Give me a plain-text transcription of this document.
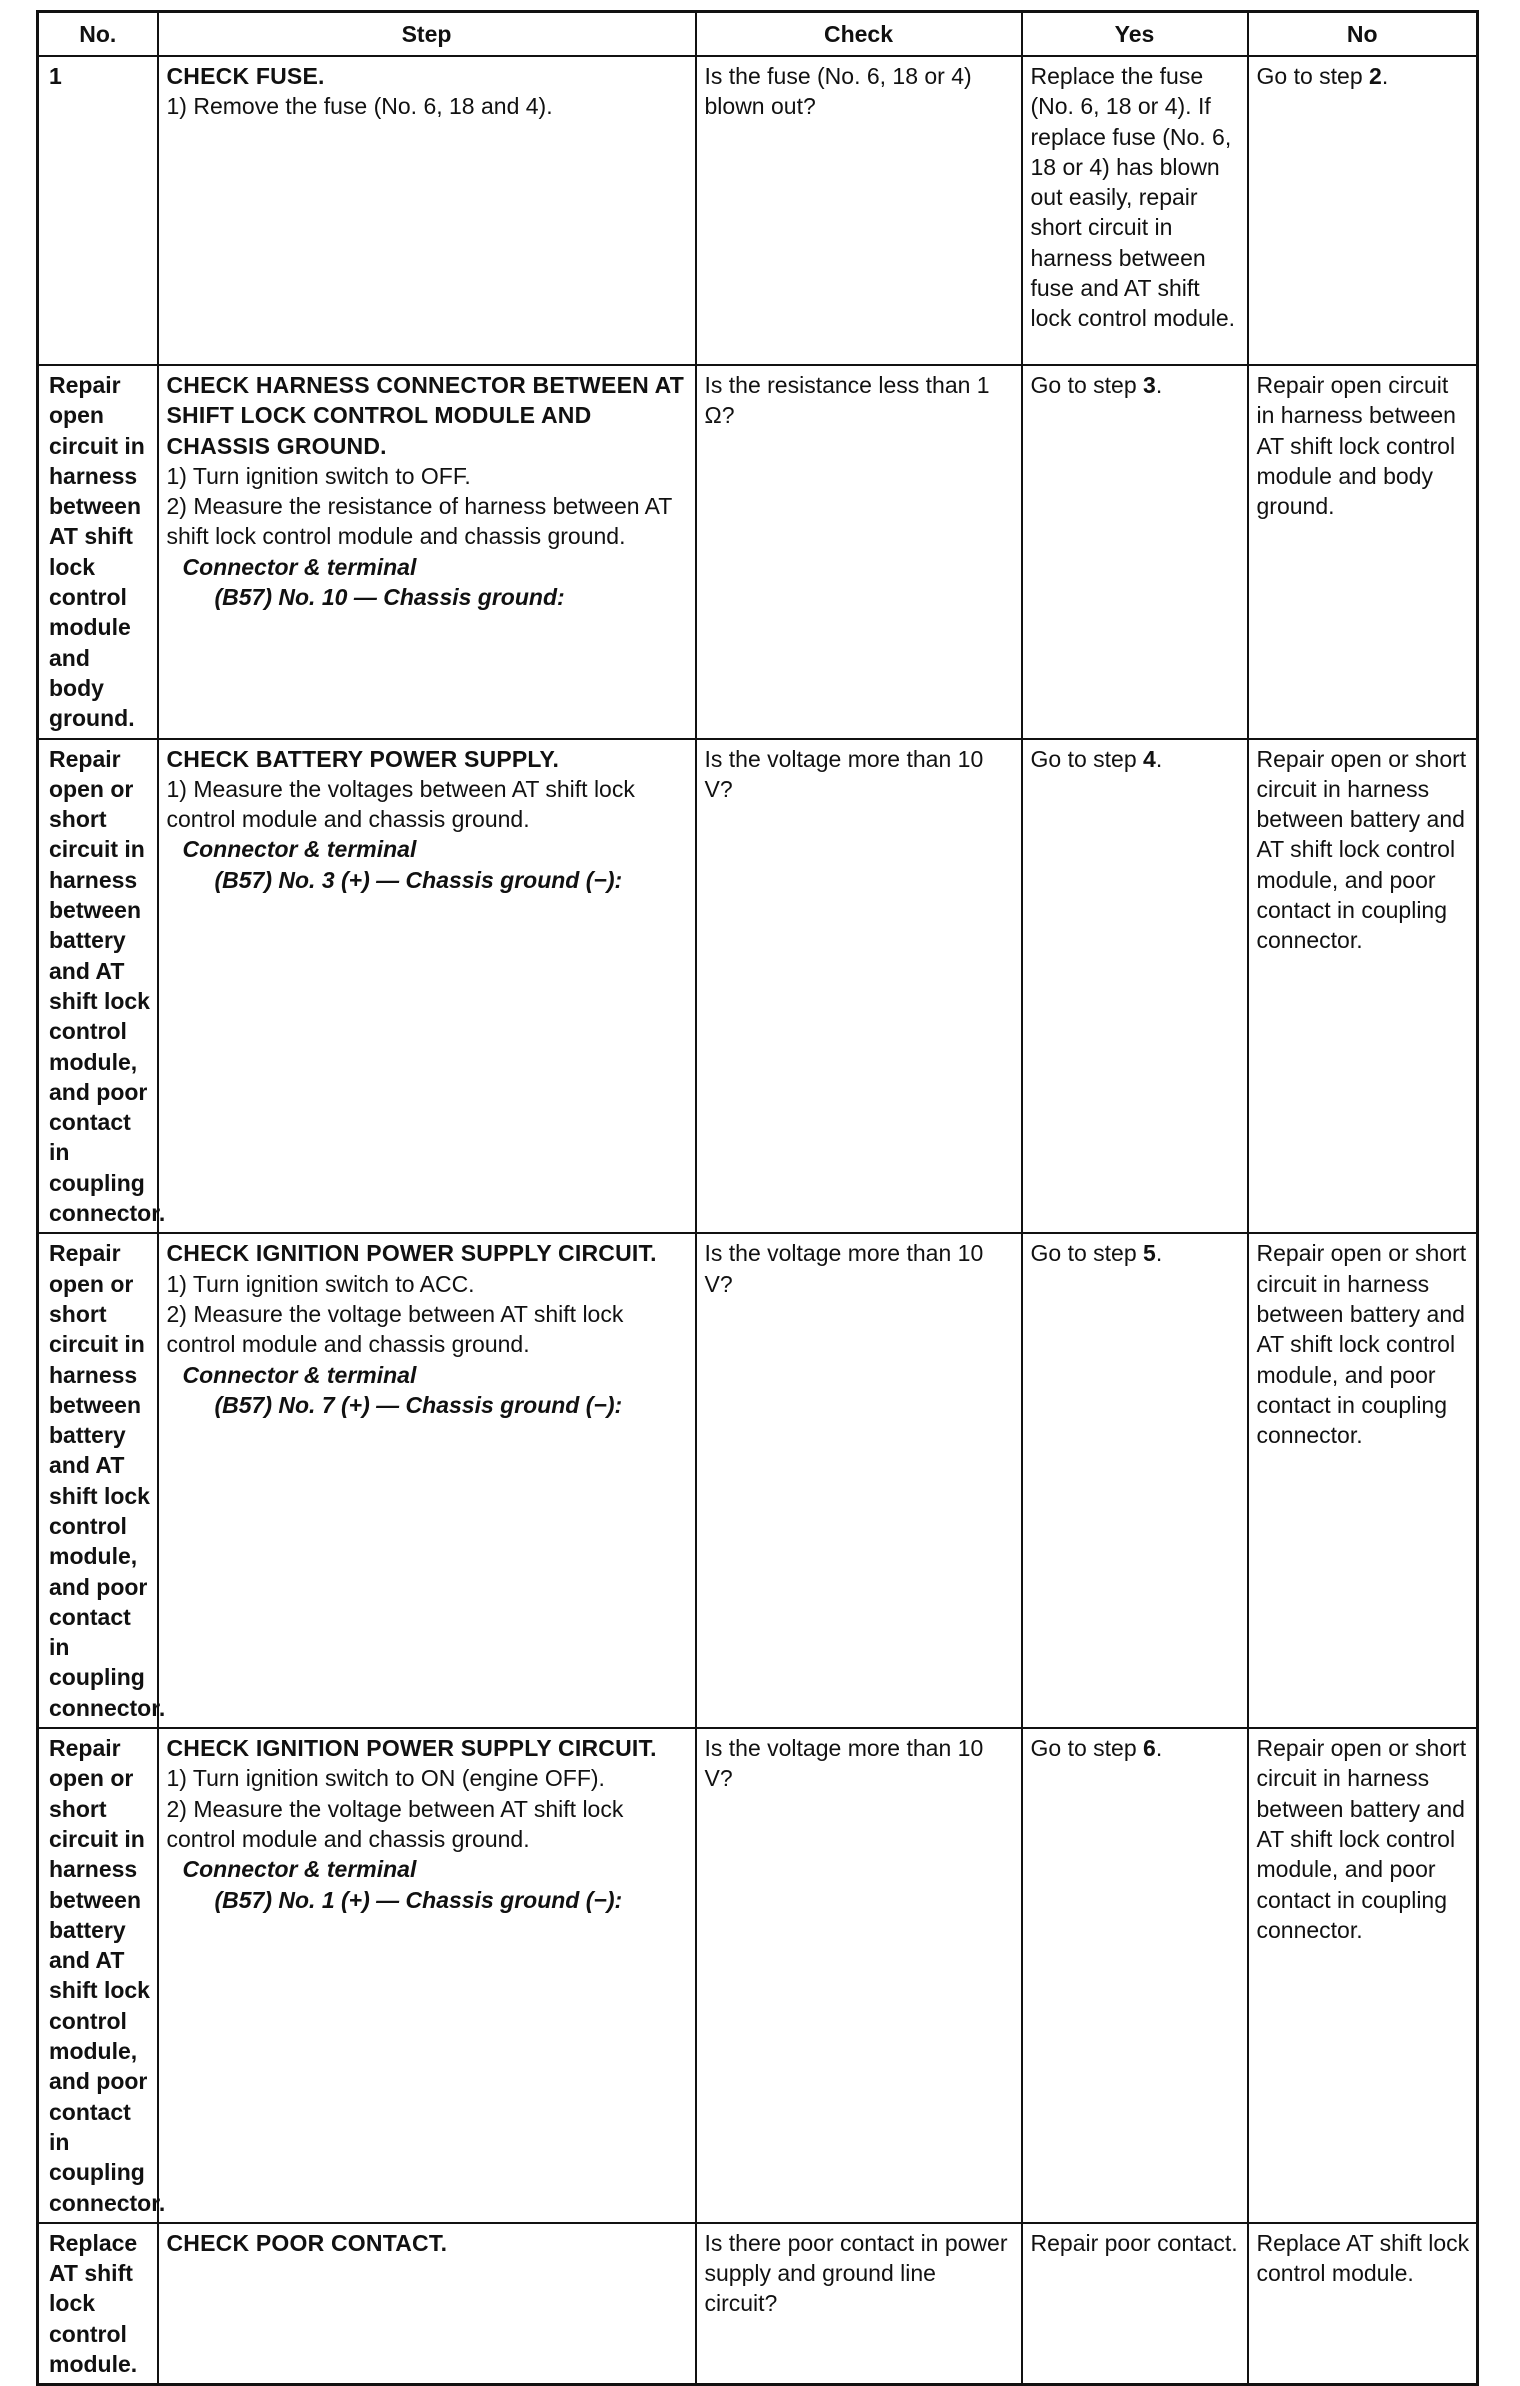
No.	Step	Check	Yes	No

1	CHECK FUSE.
1) Remove the fuse (No. 6, 18 and 4).	Is the fuse (No. 6, 18 or 4) blown out?	Replace the fuse (No. 6, 18 or 4). If replace fuse (No. 6, 18 or 4) has blown out easily, repair short circuit in harness between fuse and AT shift lock control module.	Go to step 2.

Repair open circuit in harness between AT shift lock control module and body ground.	CHECK HARNESS CONNECTOR BETWEEN AT SHIFT LOCK CONTROL MODULE AND CHASSIS GROUND.
1) Turn ignition switch to OFF.
2) Measure the resistance of harness between AT shift lock control module and chassis ground.
Connector & terminal
(B57) No. 10 — Chassis ground:	Is the resistance less than 1 Ω?	Go to step 3.	Repair open circuit in harness between AT shift lock control module and body ground.

Repair open or short circuit in harness between battery and AT shift lock control module, and poor contact in coupling connector.	CHECK BATTERY POWER SUPPLY.
1) Measure the voltages between AT shift lock control module and chassis ground.
Connector & terminal
(B57) No. 3 (+) — Chassis ground (−):	Is the voltage more than 10 V?	Go to step 4.	Repair open or short circuit in harness between battery and AT shift lock control module, and poor contact in coupling connector.

Repair open or short circuit in harness between battery and AT shift lock control module, and poor contact in coupling connector.	CHECK IGNITION POWER SUPPLY CIRCUIT.
1) Turn ignition switch to ACC.
2) Measure the voltage between AT shift lock control module and chassis ground.
Connector & terminal
(B57) No. 7 (+) — Chassis ground (−):	Is the voltage more than 10 V?	Go to step 5.	Repair open or short circuit in harness between battery and AT shift lock control module, and poor contact in coupling connector.

Repair open or short circuit in harness between battery and AT shift lock control module, and poor contact in coupling connector.	CHECK IGNITION POWER SUPPLY CIRCUIT.
1) Turn ignition switch to ON (engine OFF).
2) Measure the voltage between AT shift lock control module and chassis ground.
Connector & terminal
(B57) No. 1 (+) — Chassis ground (−):	Is the voltage more than 10 V?	Go to step 6.	Repair open or short circuit in harness between battery and AT shift lock control module, and poor contact in coupling connector.

Replace AT shift lock control module.	CHECK POOR CONTACT.	Is there poor contact in power supply and ground line circuit?	Repair poor contact.	Replace AT shift lock control module.
